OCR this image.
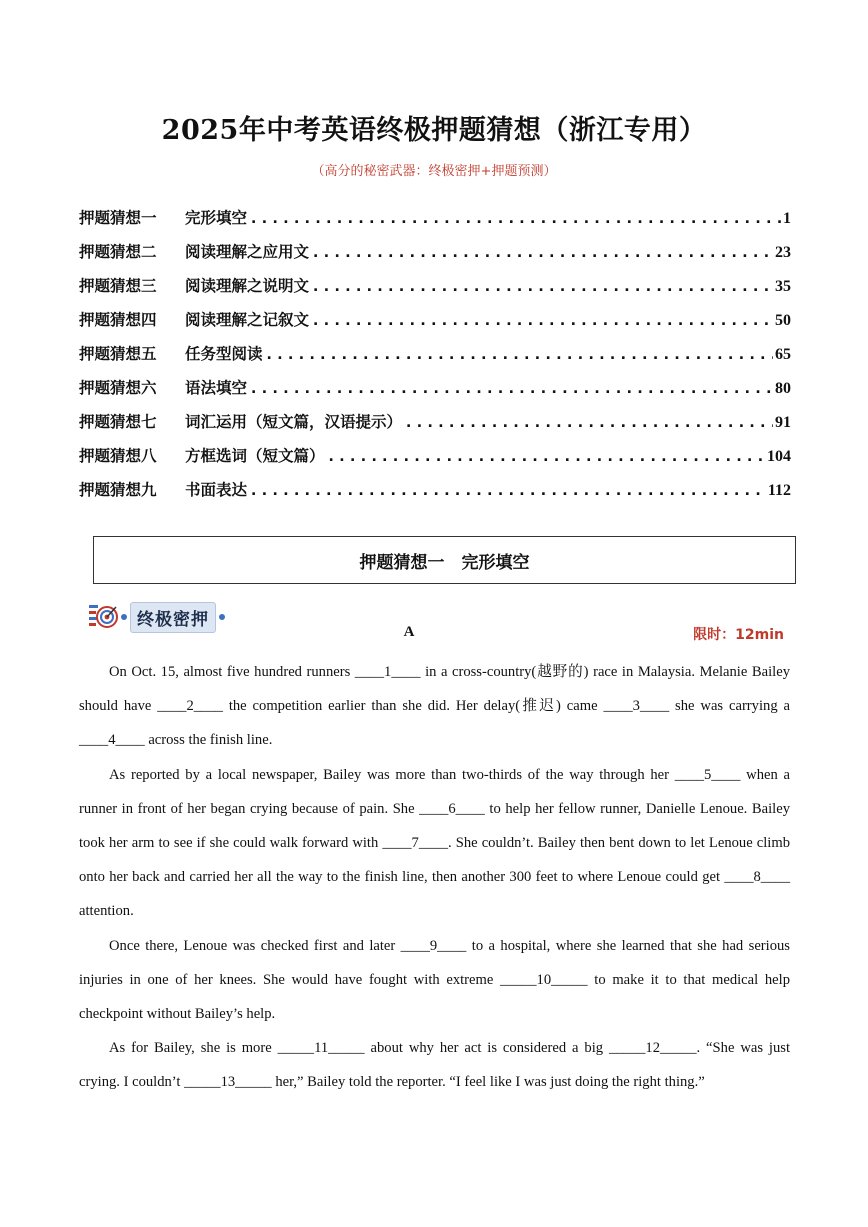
2025年中考英语终极押题猜想（浙江专用）
（高分的秘密武器：终极密押+押题预测）
押题猜想一	完形填空 .....	1
押题猜想二	阅读理解之应用文 .....	23
押题猜想三	阅读理解之说明文 .....	35
押题猜想四	阅读理解之记叙文 .....	50
押题猜想五	任务型阅读 .....	65
押题猜想六	语法填空 .....	80
押题猜想七	词汇运用（短文篇，汉语提示） .....	91
押题猜想八	方框选词（短文篇） .....	104
押题猜想九	书面表达 .....	112
押题猜想一　完形填空
终极密押
A	限时：12min

On Oct. 15, almost five hundred runners ____1____ in a cross-country(越野的) race in Malaysia. Melanie Bailey should have ____2____ the competition earlier than she did. Her delay(推迟) came ____3____ she was carrying a ____4____ across the finish line.

As reported by a local newspaper, Bailey was more than two-thirds of the way through her ____5____ when a runner in front of her began crying because of pain. She ____6____ to help her fellow runner, Danielle Lenoue. Bailey took her arm to see if she could walk forward with ____7____. She couldn’t. Bailey then bent down to let Lenoue climb onto her back and carried her all the way to the finish line, then another 300 feet to where Lenoue could get ____8____ attention.

Once there, Lenoue was checked first and later ____9____ to a hospital, where she learned that she had serious injuries in one of her knees. She would have fought with extreme _____10_____ to make it to that medical help checkpoint without Bailey’s help.

As for Bailey, she is more _____11_____ about why her act is considered a big _____12_____. “She was just crying. I couldn’t _____13_____ her,” Bailey told the reporter. “I feel like I was just doing the right thing.”
